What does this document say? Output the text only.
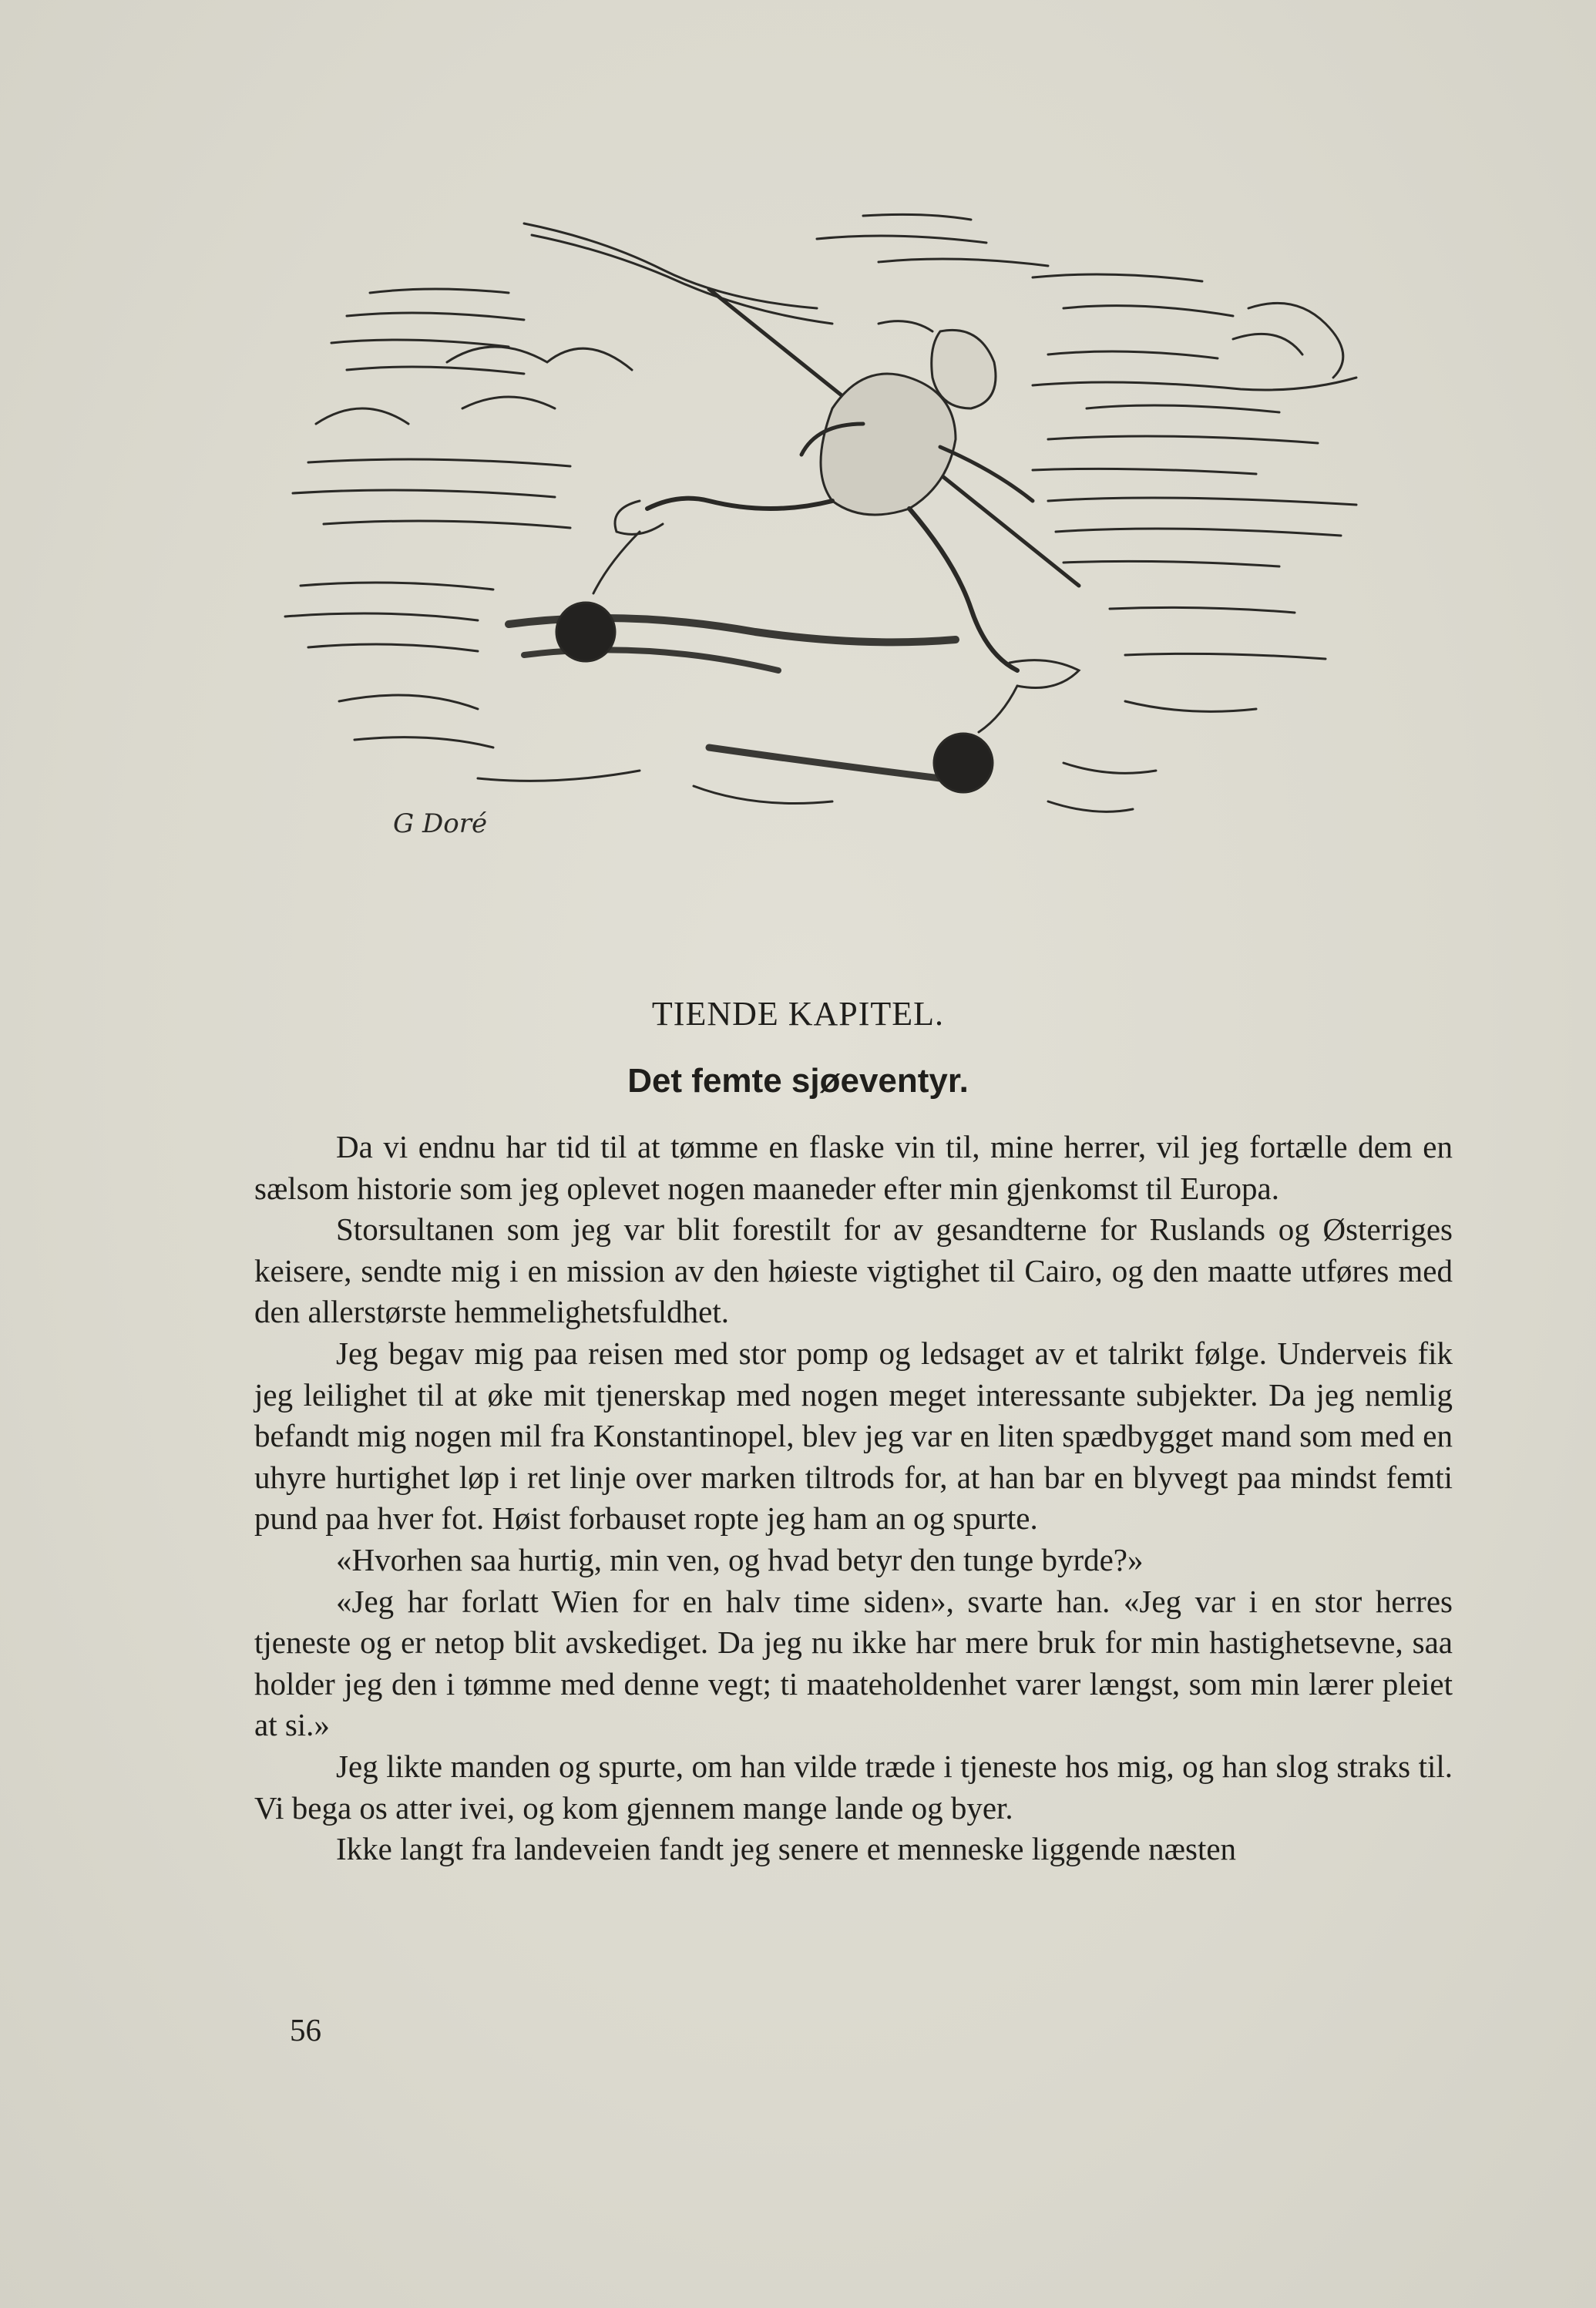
G Doré
TIENDE KAPITEL.
Det femte sjøeventyr.

Da vi endnu har tid til at tømme en flaske vin til, mine herrer, vil jeg fortælle dem en sælsom historie som jeg oplevet nogen maaneder efter min gjenkomst til Europa.

Storsultanen som jeg var blit forestilt for av gesandterne for Ruslands og Østerriges keisere, sendte mig i en mission av den høieste vigtighet til Cairo, og den maatte utføres med den allerstørste hemmelighetsfuldhet.

Jeg begav mig paa reisen med stor pomp og ledsaget av et talrikt følge. Underveis fik jeg leilighet til at øke mit tjenerskap med nogen meget interessante subjekter. Da jeg nemlig befandt mig nogen mil fra Konstantinopel, blev jeg var en liten spædbygget mand som med en uhyre hurtighet løp i ret linje over marken tiltrods for, at han bar en blyvegt paa mindst femti pund paa hver fot. Høist forbauset ropte jeg ham an og spurte.

«Hvorhen saa hurtig, min ven, og hvad betyr den tunge byrde?»

«Jeg har forlatt Wien for en halv time siden», svarte han. «Jeg var i en stor herres tjeneste og er netop blit avskediget. Da jeg nu ikke har mere bruk for min hastighetsevne, saa holder jeg den i tømme med denne vegt; ti maateholdenhet varer længst, som min lærer pleiet at si.»

Jeg likte manden og spurte, om han vilde træde i tjeneste hos mig, og han slog straks til. Vi bega os atter ivei, og kom gjennem mange lande og byer.

Ikke langt fra landeveien fandt jeg senere et menneske liggende næsten

56
